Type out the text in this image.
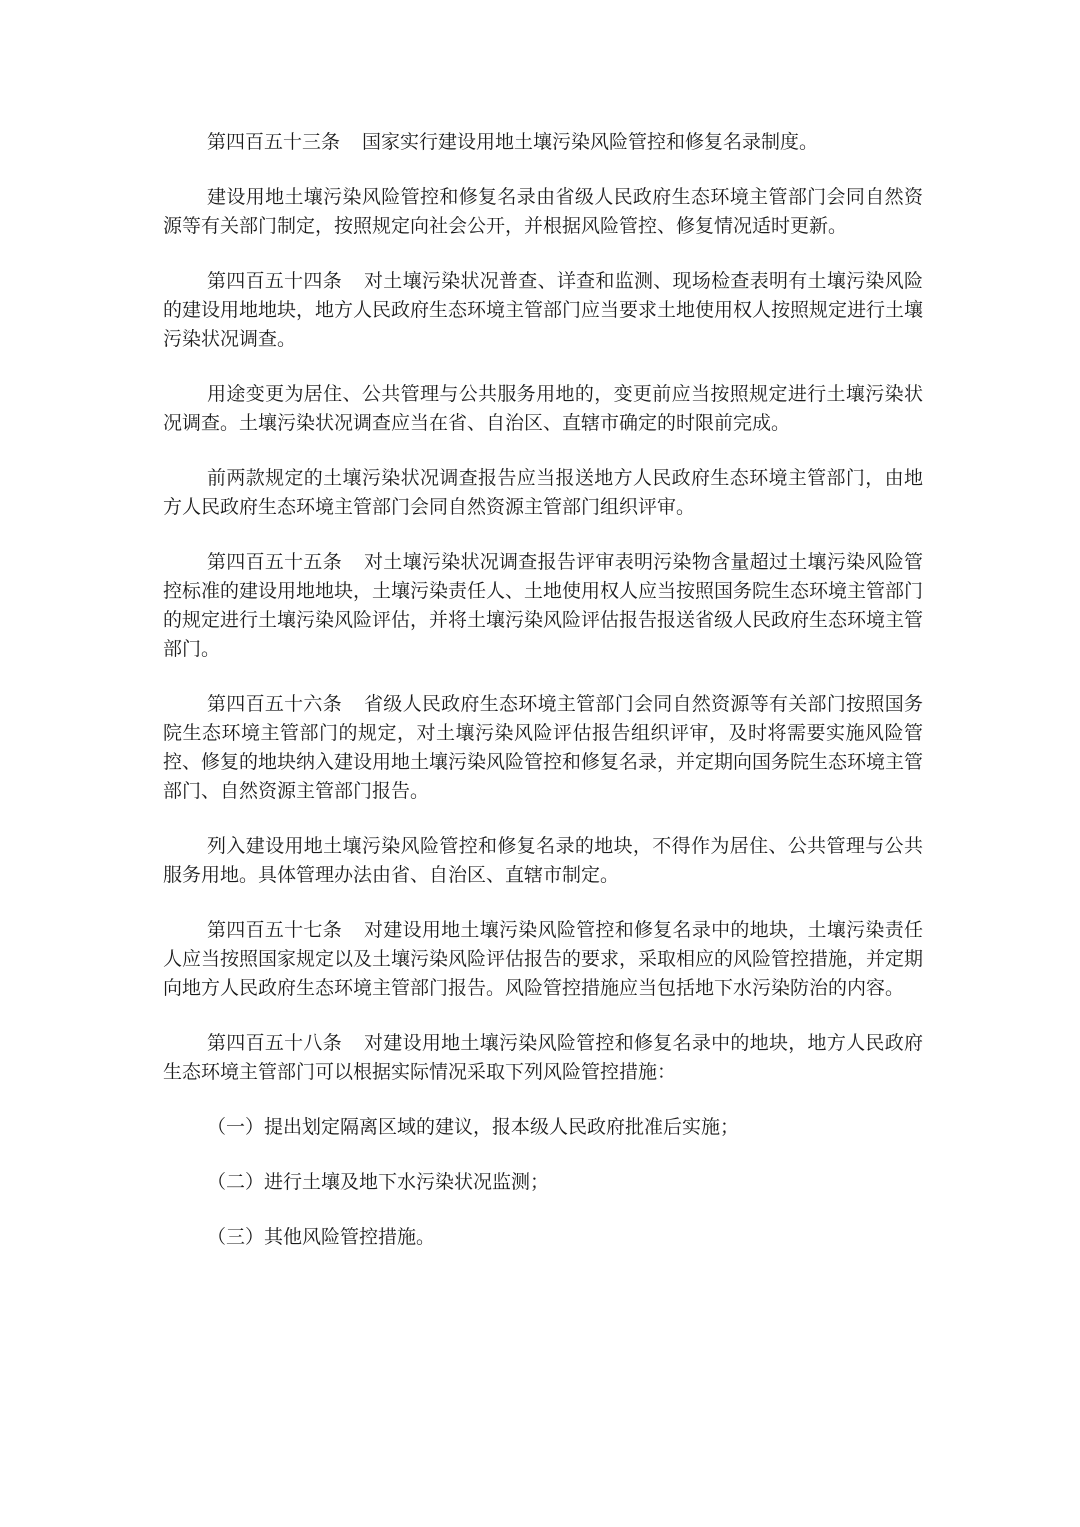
第四百五十三条 国家实行建设用地土壤污染风险管控和修复名录制度。

建设用地土壤污染风险管控和修复名录由省级人民政府生态环境主管部门会同自然资源等有关部门制定，按照规定向社会公开，并根据风险管控、修复情况适时更新。

第四百五十四条 对土壤污染状况普查、详查和监测、现场检查表明有土壤污染风险的建设用地地块，地方人民政府生态环境主管部门应当要求土地使用权人按照规定进行土壤污染状况调查。

用途变更为居住、公共管理与公共服务用地的，变更前应当按照规定进行土壤污染状况调查。土壤污染状况调查应当在省、自治区、直辖市确定的时限前完成。

前两款规定的土壤污染状况调查报告应当报送地方人民政府生态环境主管部门，由地方人民政府生态环境主管部门会同自然资源主管部门组织评审。

第四百五十五条 对土壤污染状况调查报告评审表明污染物含量超过土壤污染风险管控标准的建设用地地块，土壤污染责任人、土地使用权人应当按照国务院生态环境主管部门的规定进行土壤污染风险评估，并将土壤污染风险评估报告报送省级人民政府生态环境主管部门。

第四百五十六条 省级人民政府生态环境主管部门会同自然资源等有关部门按照国务院生态环境主管部门的规定，对土壤污染风险评估报告组织评审，及时将需要实施风险管控、修复的地块纳入建设用地土壤污染风险管控和修复名录，并定期向国务院生态环境主管部门、自然资源主管部门报告。

列入建设用地土壤污染风险管控和修复名录的地块，不得作为居住、公共管理与公共服务用地。具体管理办法由省、自治区、直辖市制定。

第四百五十七条 对建设用地土壤污染风险管控和修复名录中的地块，土壤污染责任人应当按照国家规定以及土壤污染风险评估报告的要求，采取相应的风险管控措施，并定期向地方人民政府生态环境主管部门报告。风险管控措施应当包括地下水污染防治的内容。

第四百五十八条 对建设用地土壤污染风险管控和修复名录中的地块，地方人民政府生态环境主管部门可以根据实际情况采取下列风险管控措施：

（一）提出划定隔离区域的建议，报本级人民政府批准后实施；

（二）进行土壤及地下水污染状况监测；

（三）其他风险管控措施。
